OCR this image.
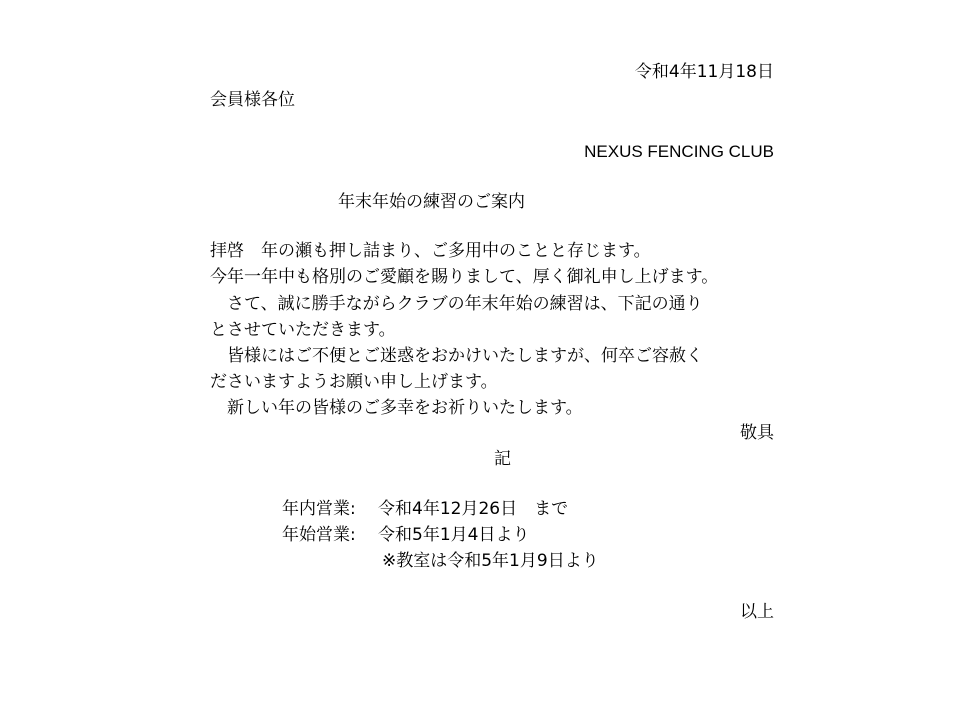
令和4年11月18日
会員様各位
NEXUS FENCING CLUB
年末年始の練習のご案内
拝啓　年の瀬も押し詰まり、ご多用中のことと存じます。
今年一年中も格別のご愛顧を賜りまして、厚く御礼申し上げます。
　さて、誠に勝手ながらクラブの年末年始の練習は、下記の通り
とさせていただきます。
　皆様にはご不便とご迷惑をおかけいたしますが、何卒ご容赦く
ださいますようお願い申し上げます。
　新しい年の皆様のご多幸をお祈りいたします。
敬具
記
年内営業: 令和4年12月26日　まで
年始営業: 令和5年1月4日より
※教室は令和5年1月9日より
以上
